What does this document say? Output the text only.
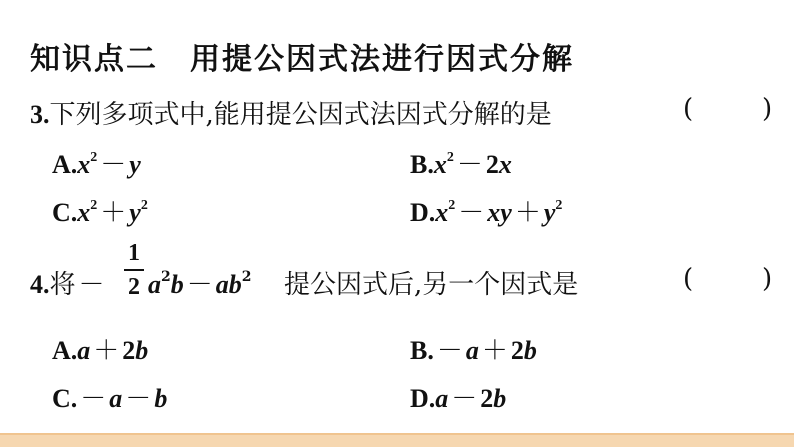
知识点二 用提公因式法进行因式分解
3.下列多项式中,能用提公因式法因式分解的是	(	)
$A.x^2 - y$	$B.x^2 - 2x$
$C.x^2 + y^2$	$D.x^2$ － xy ＋ $y^2$
4.将 －
1
2 $a^2b - ab^2$ 提公因式后,另一个因式是	(	)
A.a ＋ 2b	B. － a ＋ 2b
C. － a － b	D.a － 2b
